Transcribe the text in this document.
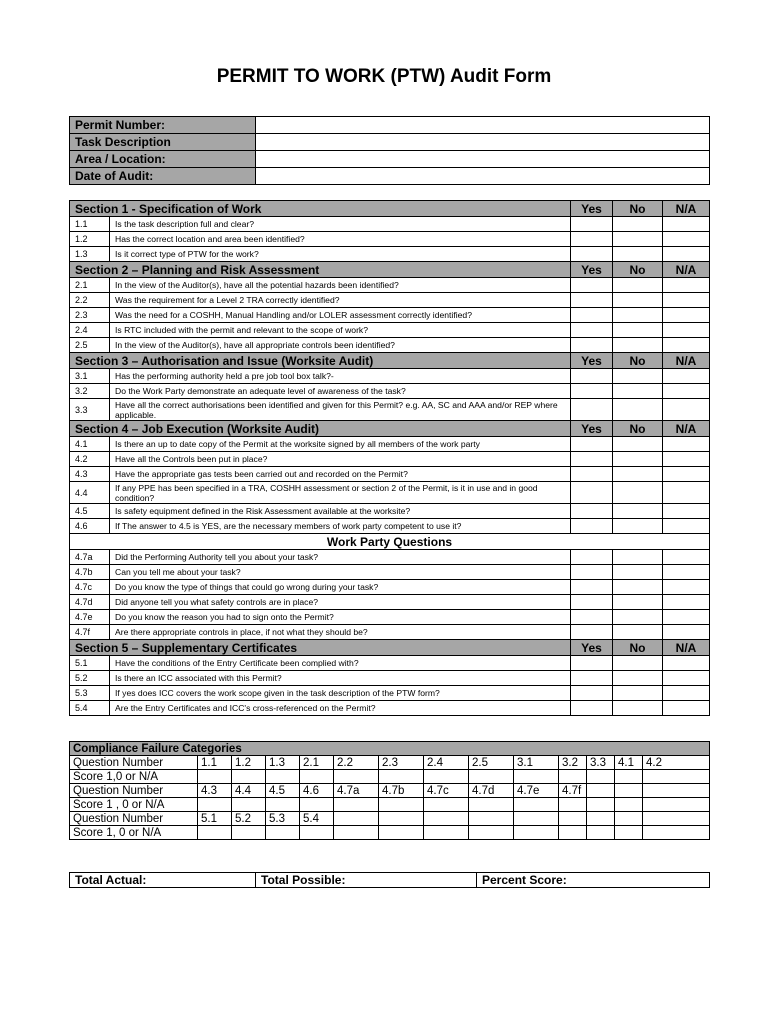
PERMIT TO WORK (PTW) Audit Form
Permit Number:	
Task Description	
Area / Location:	
Date of Audit:	
Section 1 - Specification of Work		Yes	No	N/A
1.1	Is the task description full and clear?			
1.2	Has the correct location and area been identified?			
1.3	Is it correct type of PTW for the work?			
Section 2 – Planning and Risk Assessment		Yes	No	N/A
2.1	In the view of the Auditor(s), have all the potential hazards been identified?			
2.2	Was the requirement for a Level 2 TRA correctly identified?			
2.3	Was the need for a COSHH, Manual Handling and/or LOLER assessment correctly identified?			
2.4	Is RTC included with the permit and relevant to the scope of work?			
2.5	In the view of the Auditor(s), have all appropriate controls been identified?			
Section 3 – Authorisation and Issue (Worksite Audit)		Yes	No	N/A
3.1	Has the performing authority held a pre job tool box talk?-			
3.2	Do the Work Party demonstrate an adequate level of awareness of the task?			
3.3	Have all the correct authorisations been identified and given for this Permit? e.g. AA, SC and AAA and/or REP where applicable.			
Section 4 – Job Execution (Worksite Audit)		Yes	No	N/A
4.1	Is there an up to date copy of the Permit at the worksite signed by all members of the work party			
4.2	Have all the Controls been put in place?			
4.3	Have the appropriate gas tests been carried out and recorded on the Permit?			
4.4	If any PPE has been specified in a TRA, COSHH assessment or section 2 of the Permit, is it in use and in good condition?			
4.5	Is safety equipment defined in the Risk Assessment available at the worksite?			
4.6	If The answer to 4.5 is YES, are the necessary members of work party competent to use it?			
Work Party Questions				
4.7a	Did the Performing Authority tell you about your task?			
4.7b	Can you tell me about your task?			
4.7c	Do you know the type of things that could go wrong during your task?			
4.7d	Did anyone tell you what safety controls are in place?			
4.7e	Do you know the reason you had to sign onto the Permit?			
4.7f	Are there appropriate controls in place, if not what they should be?			
Section 5 – Supplementary Certificates		Yes	No	N/A
5.1	Have the conditions of the Entry Certificate been complied with?			
5.2	Is there an ICC associated with this Permit?			
5.3	If yes does ICC covers the work scope given in the task description of the PTW form?			
5.4	Are the Entry Certificates and ICC's cross-referenced on the Permit?			
Compliance Failure Categories													
Question Number	1.1	1.2	1.3	2.1	2.2	2.3	2.4	2.5	3.1	3.2	3.3	4.1	4.2
Score 1,0 or N/A													
Question Number	4.3	4.4	4.5	4.6	4.7a	4.7b	4.7c	4.7d	4.7e	4.7f			
Score 1 , 0 or N/A													
Question Number	5.1	5.2	5.3	5.4									
Score 1, 0 or N/A													
Total Actual:	Total Possible:	Percent Score:
